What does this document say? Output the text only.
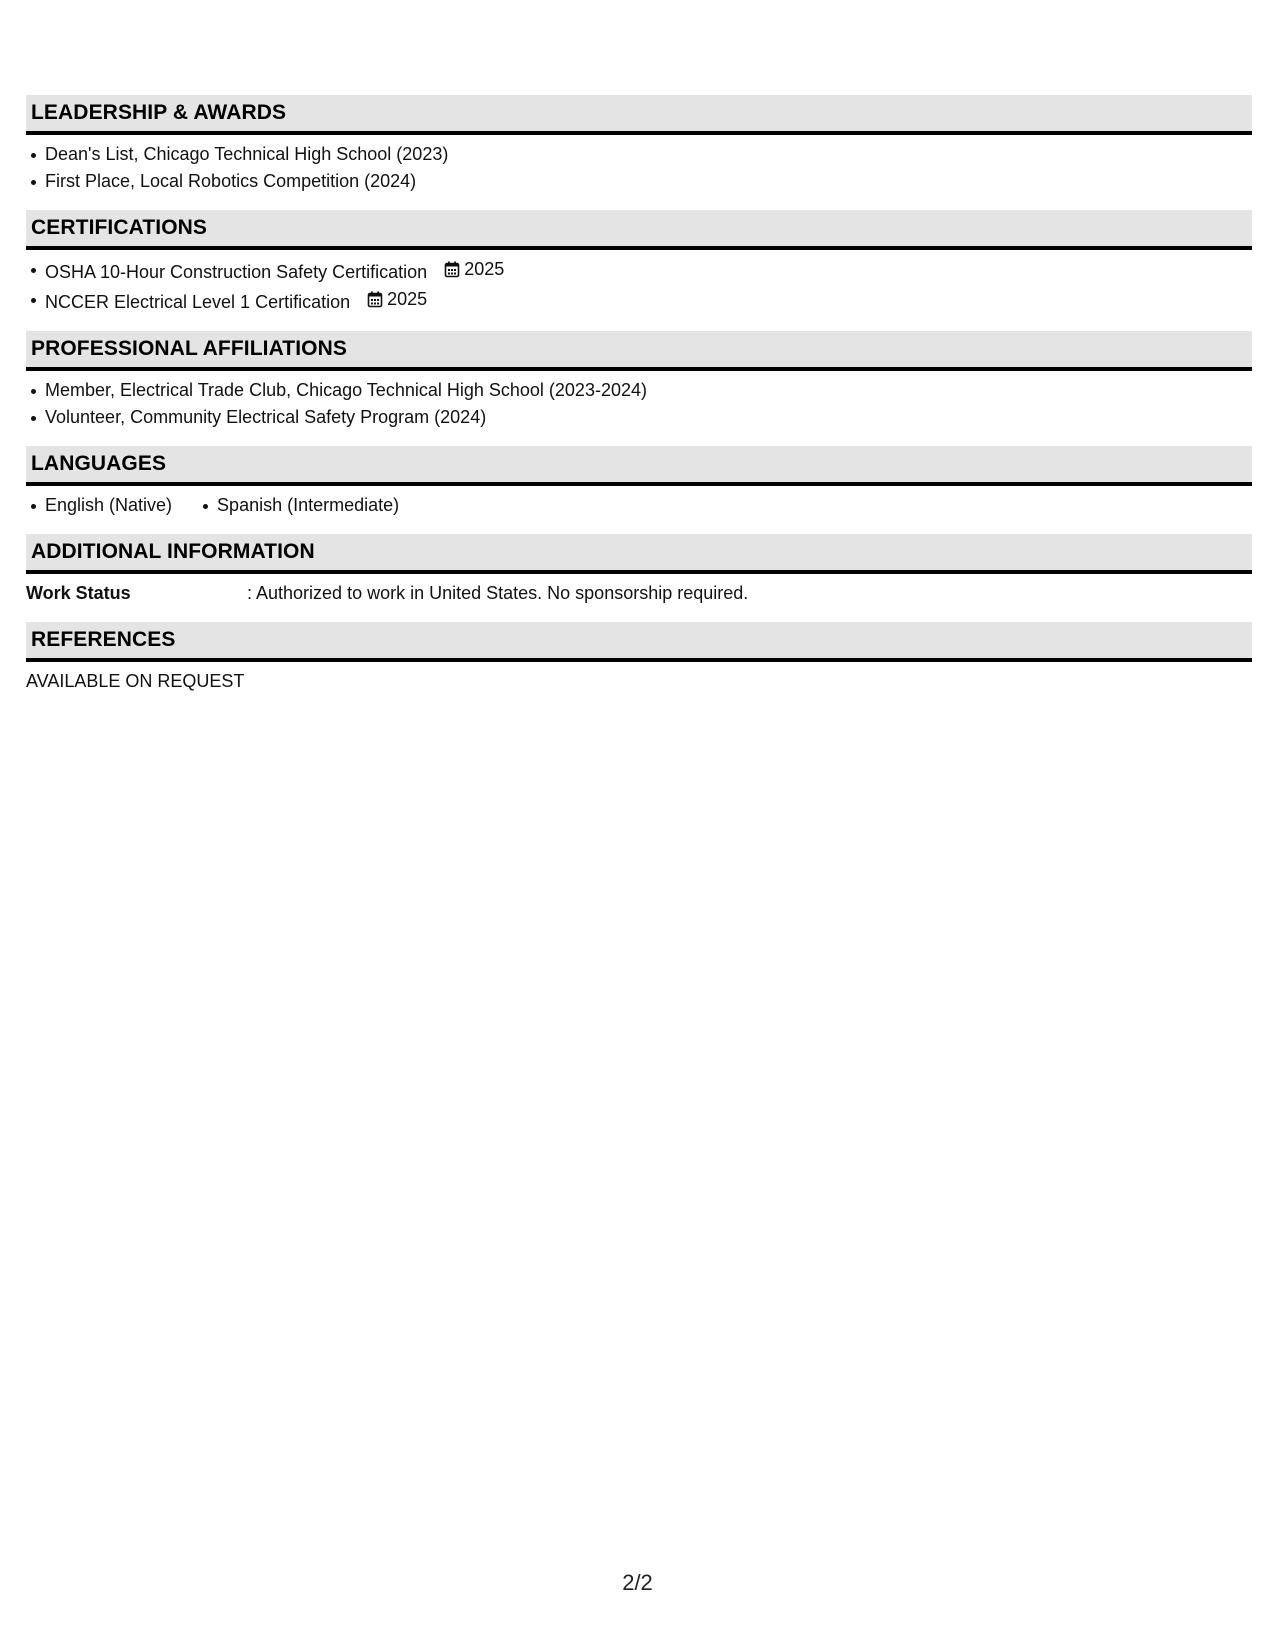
LEADERSHIP & AWARDS
Dean's List, Chicago Technical High School (2023)
First Place, Local Robotics Competition (2024)
CERTIFICATIONS
OSHA 10-Hour Construction Safety Certification 2025
NCCER Electrical Level 1 Certification 2025
PROFESSIONAL AFFILIATIONS
Member, Electrical Trade Club, Chicago Technical High School (2023-2024)
Volunteer, Community Electrical Safety Program (2024)
LANGUAGES
English (Native)	Spanish (Intermediate)
ADDITIONAL INFORMATION
Work Status	: Authorized to work in United States. No sponsorship required.
REFERENCES
AVAILABLE ON REQUEST
2/2
